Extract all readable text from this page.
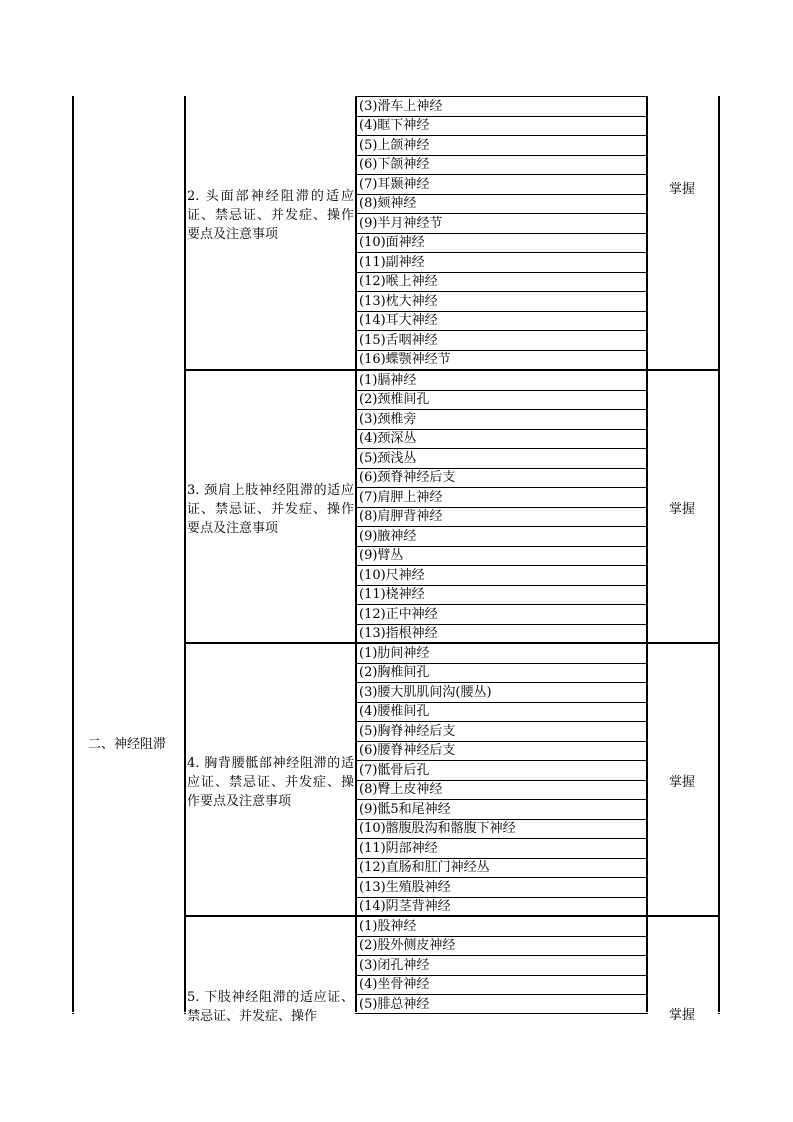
二、神经阻滞
2. 头面部神经阻滞的适应证、禁忌证、并发症、操作要点及注意事项
掌握
3. 颈肩上肢神经阻滞的适应证、禁忌证、并发症、操作要点及注意事项
掌握
4. 胸背腰骶部神经阻滞的适应证、禁忌证、并发症、操作要点及注意事项
掌握
5. 下肢神经阻滞的适应证、禁忌证、并发症、操作	掌握
(3)滑车上神经
(4)眶下神经
(5)上颌神经
(6)下颌神经
(7)耳颞神经
(8)颏神经
(9)半月神经节
(10)面神经
(11)副神经
(12)喉上神经
(13)枕大神经
(14)耳大神经
(15)舌咽神经
(16)蝶颚神经节
(1)膈神经
(2)颈椎间孔
(3)颈椎旁
(4)颈深丛
(5)颈浅丛
(6)颈脊神经后支
(7)肩胛上神经
(8)肩胛背神经
(9)腋神经
(9)臂丛
(10)尺神经
(11)桡神经
(12)正中神经
(13)指根神经
(1)肋间神经
(2)胸椎间孔
(3)腰大肌肌间沟(腰丛)
(4)腰椎间孔
(5)胸脊神经后支
(6)腰脊神经后支
(7)骶骨后孔
(8)臀上皮神经
(9)骶5和尾神经
(10)髂腹股沟和髂腹下神经
(11)阴部神经
(12)直肠和肛门神经丛
(13)生殖股神经
(14)阴茎背神经
(1)股神经
(2)股外侧皮神经
(3)闭孔神经
(4)坐骨神经
(5)腓总神经
